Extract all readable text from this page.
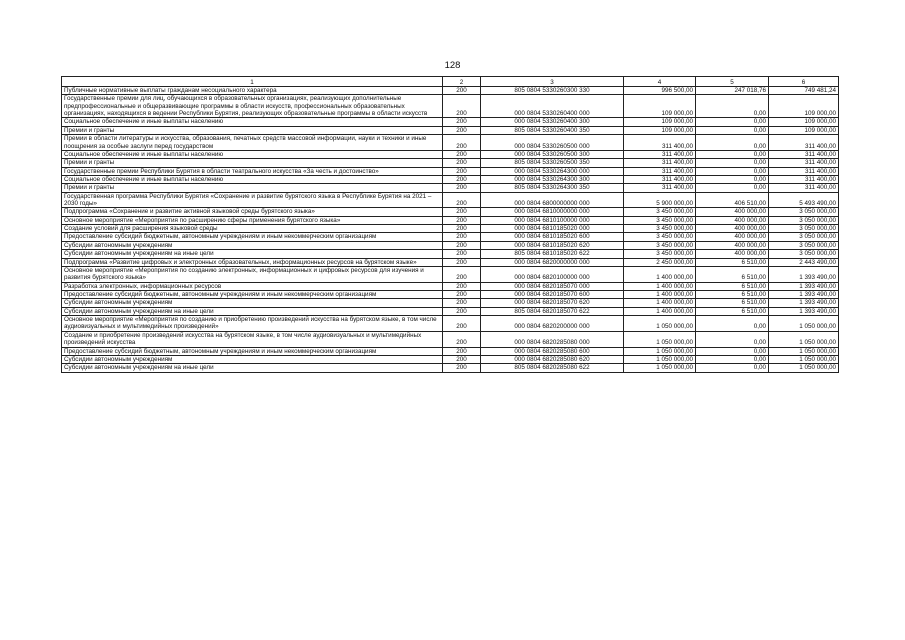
128
1	2	3	4	5	6
Публичные нормативные выплаты гражданам несоциального характера	200	805 0804 5330260300 330	996 500,00	247 018,76	749 481,24
Государственные премии для лиц, обучающихся в образовательных организациях, реализующих дополнительные предпрофессиональные и общеразвивающие программы в области искусств, профессиональных образовательных организациях, находящихся в ведении Республики Бурятия, реализующих образовательные программы в области искусств	200	000 0804 5330260400 000	109 000,00	0,00	109 000,00
Социальное обеспечение и иные выплаты населению	200	000 0804 5330260400 300	109 000,00	0,00	109 000,00
Премии и гранты	200	805 0804 5330260400 350	109 000,00	0,00	109 000,00
Премии в области литературы и искусства, образования, печатных средств массовой информации, науки и техники и иные поощрения за особые заслуги перед государством	200	000 0804 5330260500 000	311 400,00	0,00	311 400,00
Социальное обеспечение и иные выплаты населению	200	000 0804 5330260500 300	311 400,00	0,00	311 400,00
Премии и гранты	200	805 0804 5330260500 350	311 400,00	0,00	311 400,00
Государственные премии Республики Бурятия в области театрального искусства «За честь и достоинство»	200	000 0804 5330264300 000	311 400,00	0,00	311 400,00
Социальное обеспечение и иные выплаты населению	200	000 0804 5330264300 300	311 400,00	0,00	311 400,00
Премии и гранты	200	805 0804 5330264300 350	311 400,00	0,00	311 400,00
Государственная программа Республики Бурятия «Сохранение и развитие бурятского языка в Республике Бурятия на 2021 – 2030 годы»	200	000 0804 6800000000 000	5 900 000,00	406 510,00	5 493 490,00
Подпрограмма «Сохранение и развитие активной языковой среды бурятского языка»	200	000 0804 6810000000 000	3 450 000,00	400 000,00	3 050 000,00
Основное мероприятие «Мероприятия по расширению сферы применения бурятского языка»	200	000 0804 6810100000 000	3 450 000,00	400 000,00	3 050 000,00
Создание условий для расширения языковой среды	200	000 0804 6810185020 000	3 450 000,00	400 000,00	3 050 000,00
Предоставление субсидий бюджетным, автономным учреждениям и иным некоммерческим организациям	200	000 0804 6810185020 600	3 450 000,00	400 000,00	3 050 000,00
Субсидии автономным учреждениям	200	000 0804 6810185020 620	3 450 000,00	400 000,00	3 050 000,00
Субсидии автономным учреждениям на иные цели	200	805 0804 6810185020 622	3 450 000,00	400 000,00	3 050 000,00
Подпрограмма «Развитие цифровых и электронных образовательных, информационных ресурсов на бурятском языке»	200	000 0804 6820000000 000	2 450 000,00	6 510,00	2 443 490,00
Основное мероприятие «Мероприятия по созданию электронных, информационных и цифровых ресурсов для изучения и развития бурятского языка»	200	000 0804 6820100000 000	1 400 000,00	6 510,00	1 393 490,00
Разработка электронных, информационных ресурсов	200	000 0804 6820185070 000	1 400 000,00	6 510,00	1 393 490,00
Предоставление субсидий бюджетным, автономным учреждениям и иным некоммерческим организациям	200	000 0804 6820185070 600	1 400 000,00	6 510,00	1 393 490,00
Субсидии автономным учреждениям	200	000 0804 6820185070 620	1 400 000,00	6 510,00	1 393 490,00
Субсидии автономным учреждениям на иные цели	200	805 0804 6820185070 622	1 400 000,00	6 510,00	1 393 490,00
Основное мероприятие «Мероприятия по созданию и приобретению произведений искусства на бурятском языке, в том числе аудиовизуальных и мультимедийных произведений»	200	000 0804 6820200000 000	1 050 000,00	0,00	1 050 000,00
Создание и приобретение произведений искусства на бурятском языке, в том числе аудиовизуальных и мультимедийных произведений искусства	200	000 0804 6820285080 000	1 050 000,00	0,00	1 050 000,00
Предоставление субсидий бюджетным, автономным учреждениям и иным некоммерческим организациям	200	000 0804 6820285080 600	1 050 000,00	0,00	1 050 000,00
Субсидии автономным учреждениям	200	000 0804 6820285080 620	1 050 000,00	0,00	1 050 000,00
Субсидии автономным учреждениям на иные цели	200	805 0804 6820285080 622	1 050 000,00	0,00	1 050 000,00
